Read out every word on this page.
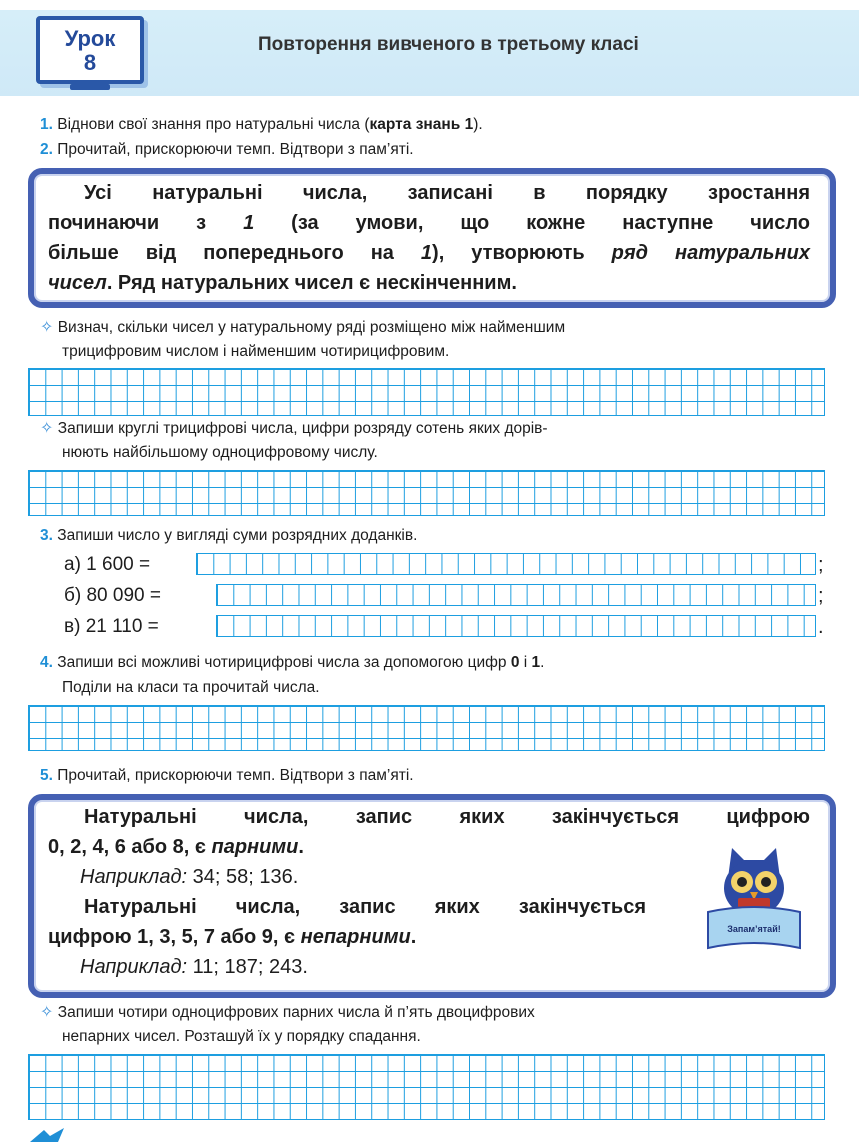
Урок
8
Повторення вивченого в третьому класі
1. Віднови свої знання про натуральні числа (карта знань 1).
2. Прочитай, прискорюючи темп. Відтвори з пам’яті.
Усі натуральні числа, записані в порядку зростання
починаючи з 1 (за умови, що кожне наступне число
більше від попереднього на 1), утворюють ряд натуральних
чисел. Ряд натуральних чисел є нескінченним.
✧ Визнач, скільки чисел у натуральному ряді розміщено між найменшим
трицифровим числом і найменшим чотирицифровим.
✧ Запиши круглі трицифрові числа, цифри розряду сотень яких дорів-
нюють найбільшому одноцифровому числу.
3. Запиши число у вигляді суми розрядних доданків.
а) 1 600 =	;
б) 80 090 =	;
в) 21 110 =	.
4. Запиши всі можливі чотирицифрові числа за допомогою цифр 0 і 1.
Поділи на класи та прочитай числа.
5. Прочитай, прискорюючи темп. Відтвори з пам’яті.
Натуральні числа, запис яких закінчується цифрою
0, 2, 4, 6 або 8, є парними.
Наприклад: 34; 58; 136.
Натуральні числа, запис яких закінчується
цифрою 1, 3, 5, 7 або 9, є непарними.
Наприклад: 11; 187; 243.
Запам’ятай!
✧ Запиши чотири одноцифрових парних числа й п’ять двоцифрових
непарних чисел. Розташуй їх у порядку спадання.
